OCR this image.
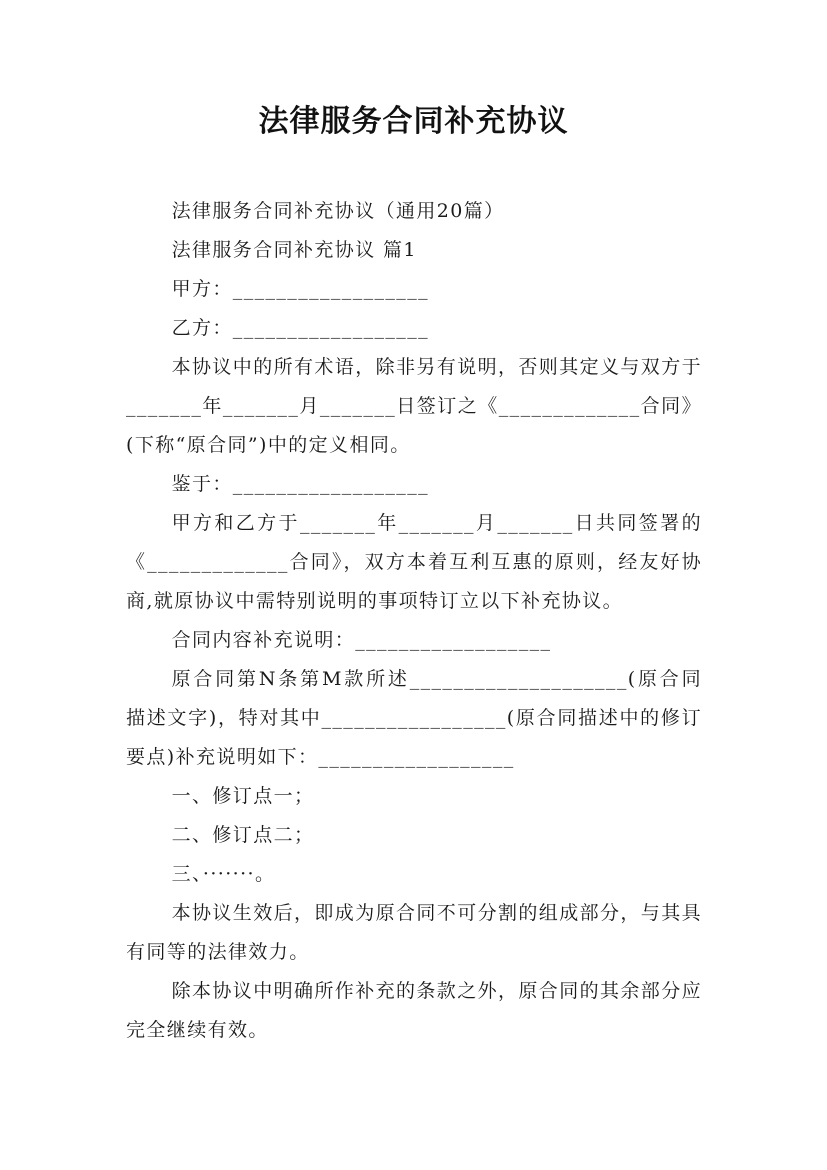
法律服务合同补充协议

法律服务合同补充协议（通用20篇）

法律服务合同补充协议 篇1

甲方：__________________

乙方：__________________

本协议中的所有术语，除非另有说明，否则其定义与双方于_______年_______月_______日签订之《_____________合同》(下称“原合同”)中的定义相同。

鉴于：__________________

甲方和乙方于_______年_______月_______日共同签署的《_____________合同》，双方本着互利互惠的原则，经友好协商,就原协议中需特别说明的事项特订立以下补充协议。

合同内容补充说明：__________________

原合同第N条第M款所述____________________(原合同描述文字)，特对其中_________________(原合同描述中的修订要点)补充说明如下：__________________

一、修订点一；

二、修订点二；

三、·······。

本协议生效后，即成为原合同不可分割的组成部分，与其具有同等的法律效力。

除本协议中明确所作补充的条款之外，原合同的其余部分应完全继续有效。
